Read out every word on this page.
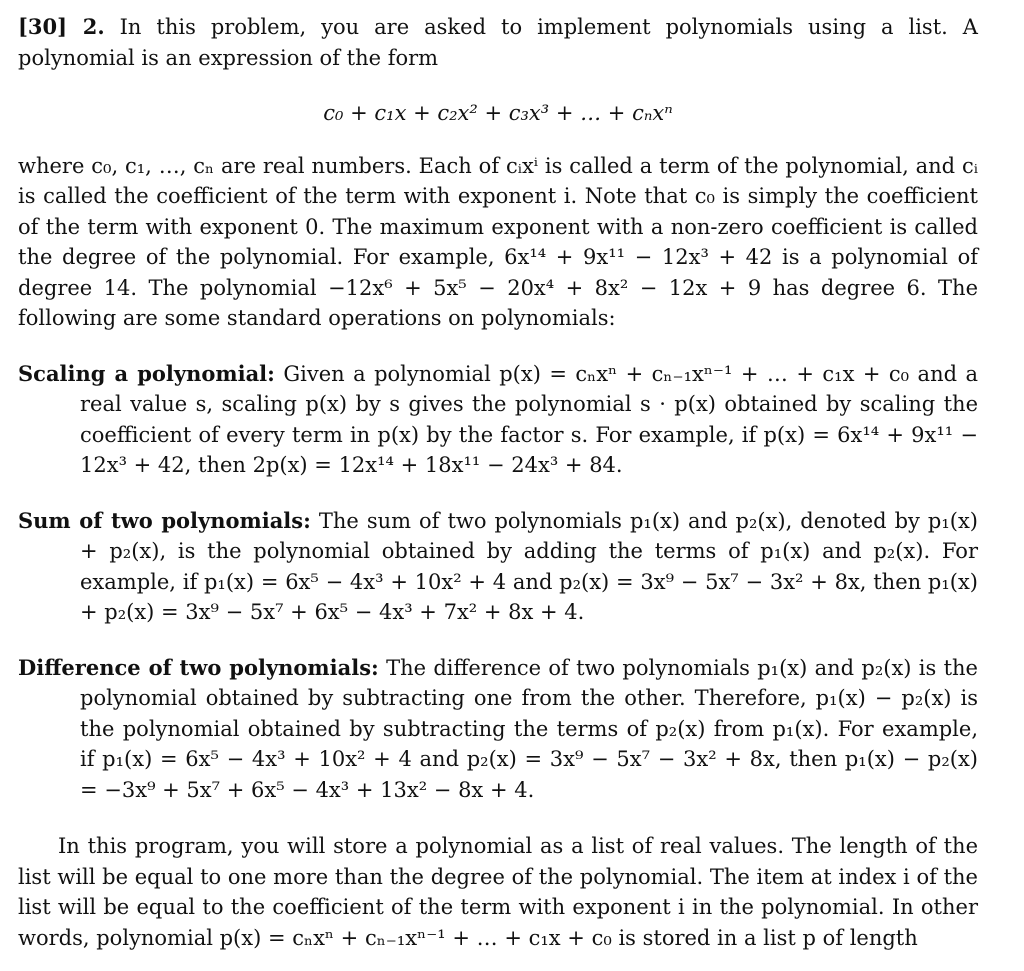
[30] 2. In this problem, you are asked to implement polynomials using a list. A polynomial is an expression of the form

c₀ + c₁x + c₂x² + c₃x³ + … + cₙxⁿ

where c₀, c₁, …, cₙ are real numbers. Each of cᵢxⁱ is called a term of the polynomial, and cᵢ is called the coefficient of the term with exponent i. Note that c₀ is simply the coefficient of the term with exponent 0. The maximum exponent with a non-zero coefficient is called the degree of the polynomial. For example, 6x¹⁴ + 9x¹¹ − 12x³ + 42 is a polynomial of degree 14. The polynomial −12x⁶ + 5x⁵ − 20x⁴ + 8x² − 12x + 9 has degree 6. The following are some standard operations on polynomials:

Scaling a polynomial: Given a polynomial p(x) = cₙxⁿ + cₙ₋₁xⁿ⁻¹ + … + c₁x + c₀ and a real value s, scaling p(x) by s gives the polynomial s · p(x) obtained by scaling the coefficient of every term in p(x) by the factor s. For example, if p(x) = 6x¹⁴ + 9x¹¹ − 12x³ + 42, then 2p(x) = 12x¹⁴ + 18x¹¹ − 24x³ + 84.

Sum of two polynomials: The sum of two polynomials p₁(x) and p₂(x), denoted by p₁(x) + p₂(x), is the polynomial obtained by adding the terms of p₁(x) and p₂(x). For example, if p₁(x) = 6x⁵ − 4x³ + 10x² + 4 and p₂(x) = 3x⁹ − 5x⁷ − 3x² + 8x, then p₁(x) + p₂(x) = 3x⁹ − 5x⁷ + 6x⁵ − 4x³ + 7x² + 8x + 4.

Difference of two polynomials: The difference of two polynomials p₁(x) and p₂(x) is the polynomial obtained by subtracting one from the other. Therefore, p₁(x) − p₂(x) is the polynomial obtained by subtracting the terms of p₂(x) from p₁(x). For example, if p₁(x) = 6x⁵ − 4x³ + 10x² + 4 and p₂(x) = 3x⁹ − 5x⁷ − 3x² + 8x, then p₁(x) − p₂(x) = −3x⁹ + 5x⁷ + 6x⁵ − 4x³ + 13x² − 8x + 4.

In this program, you will store a polynomial as a list of real values. The length of the list will be equal to one more than the degree of the polynomial. The item at index i of the list will be equal to the coefficient of the term with exponent i in the polynomial. In other words, polynomial p(x) = cₙxⁿ + cₙ₋₁xⁿ⁻¹ + … + c₁x + c₀ is stored in a list p of length
